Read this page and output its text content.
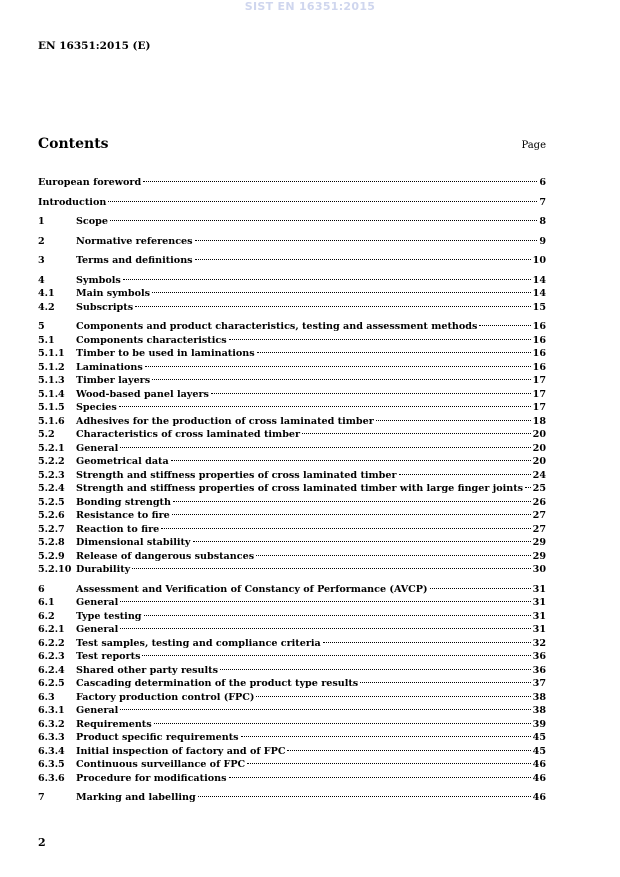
SIST EN 16351:2015
EN 16351:2015 (E)
Contents	Page
European foreword	6
Introduction	7
1	Scope	8
2	Normative references	9
3	Terms and definitions	10
4	Symbols	14
4.1	Main symbols	14
4.2	Subscripts	15
5	Components and product characteristics, testing and assessment methods	16
5.1	Components characteristics	16
5.1.1	Timber to be used in laminations	16
5.1.2	Laminations	16
5.1.3	Timber layers	17
5.1.4	Wood-based panel layers	17
5.1.5	Species	17
5.1.6	Adhesives for the production of cross laminated timber	18
5.2	Characteristics of cross laminated timber	20
5.2.1	General	20
5.2.2	Geometrical data	20
5.2.3	Strength and stiffness properties of cross laminated timber	24
5.2.4	Strength and stiffness properties of cross laminated timber with large finger joints 25
5.2.5	Bonding strength	26
5.2.6	Resistance to fire	27
5.2.7	Reaction to fire	27
5.2.8	Dimensional stability	29
5.2.9	Release of dangerous substances	29
5.2.10 Durability	30
6	Assessment and Verification of Constancy of Performance (AVCP)	31
6.1	General	31
6.2	Type testing	31
6.2.1	General	31
6.2.2	Test samples, testing and compliance criteria	32
6.2.3	Test reports	36
6.2.4	Shared other party results	36
6.2.5	Cascading determination of the product type results	37
6.3	Factory production control (FPC)	38
6.3.1	General	38
6.3.2	Requirements	39
6.3.3	Product specific requirements	45
6.3.4	Initial inspection of factory and of FPC	45
6.3.5	Continuous surveillance of FPC	46
6.3.6	Procedure for modifications	46
7	Marking and labelling	46
2
